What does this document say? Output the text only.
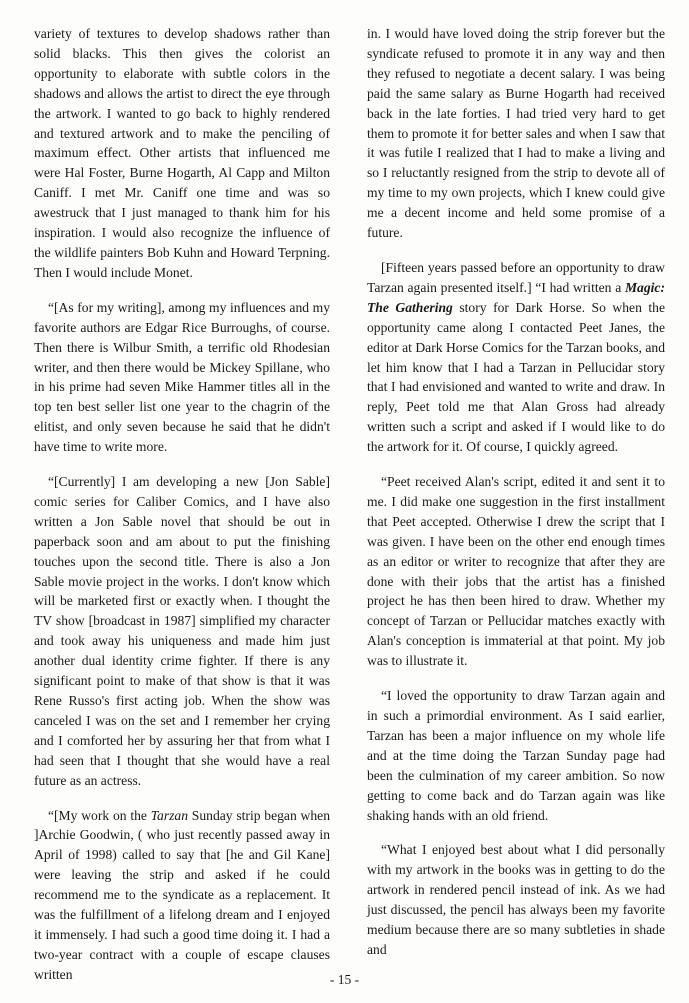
variety of textures to develop shadows rather than solid blacks. This then gives the colorist an opportunity to elaborate with subtle colors in the shadows and allows the artist to direct the eye through the artwork. I wanted to go back to highly rendered and textured artwork and to make the penciling of maximum effect. Other artists that influenced me were Hal Foster, Burne Hogarth, Al Capp and Milton Caniff. I met Mr. Caniff one time and was so awestruck that I just managed to thank him for his inspiration. I would also recognize the influence of the wildlife painters Bob Kuhn and Howard Terpning. Then I would include Monet.

“[As for my writing], among my influences and my favorite authors are Edgar Rice Burroughs, of course. Then there is Wilbur Smith, a terrific old Rhodesian writer, and then there would be Mickey Spillane, who in his prime had seven Mike Hammer titles all in the top ten best seller list one year to the chagrin of the elitist, and only seven because he said that he didn't have time to write more.

“[Currently] I am developing a new [Jon Sable] comic series for Caliber Comics, and I have also written a Jon Sable novel that should be out in paperback soon and am about to put the finishing touches upon the second title. There is also a Jon Sable movie project in the works. I don't know which will be marketed first or exactly when. I thought the TV show [broadcast in 1987] simplified my character and took away his uniqueness and made him just another dual identity crime fighter. If there is any significant point to make of that show is that it was Rene Russo's first acting job. When the show was canceled I was on the set and I remember her crying and I comforted her by assuring her that from what I had seen that I thought that she would have a real future as an actress.

“[My work on the Tarzan Sunday strip began when ]Archie Goodwin, ( who just recently passed away in April of 1998) called to say that [he and Gil Kane] were leaving the strip and asked if he could recommend me to the syndicate as a replacement. It was the fulfillment of a lifelong dream and I enjoyed it immensely. I had such a good time doing it. I had a two-year contract with a couple of escape clauses written

in. I would have loved doing the strip forever but the syndicate refused to promote it in any way and then they refused to negotiate a decent salary. I was being paid the same salary as Burne Hogarth had received back in the late forties. I had tried very hard to get them to promote it for better sales and when I saw that it was futile I realized that I had to make a living and so I reluctantly resigned from the strip to devote all of my time to my own projects, which I knew could give me a decent income and held some promise of a future.

[Fifteen years passed before an opportunity to draw Tarzan again presented itself.] “I had written a Magic: The Gathering story for Dark Horse. So when the opportunity came along I contacted Peet Janes, the editor at Dark Horse Comics for the Tarzan books, and let him know that I had a Tarzan in Pellucidar story that I had envisioned and wanted to write and draw. In reply, Peet told me that Alan Gross had already written such a script and asked if I would like to do the artwork for it. Of course, I quickly agreed.

“Peet received Alan's script, edited it and sent it to me. I did make one suggestion in the first installment that Peet accepted. Otherwise I drew the script that I was given. I have been on the other end enough times as an editor or writer to recognize that after they are done with their jobs that the artist has a finished project he has then been hired to draw. Whether my concept of Tarzan or Pellucidar matches exactly with Alan's conception is immaterial at that point. My job was to illustrate it.

“I loved the opportunity to draw Tarzan again and in such a primordial environment. As I said earlier, Tarzan has been a major influence on my whole life and at the time doing the Tarzan Sunday page had been the culmination of my career ambition. So now getting to come back and do Tarzan again was like shaking hands with an old friend.

“What I enjoyed best about what I did personally with my artwork in the books was in getting to do the artwork in rendered pencil instead of ink. As we had just discussed, the pencil has always been my favorite medium because there are so many subtleties in shade and

- 15 -
